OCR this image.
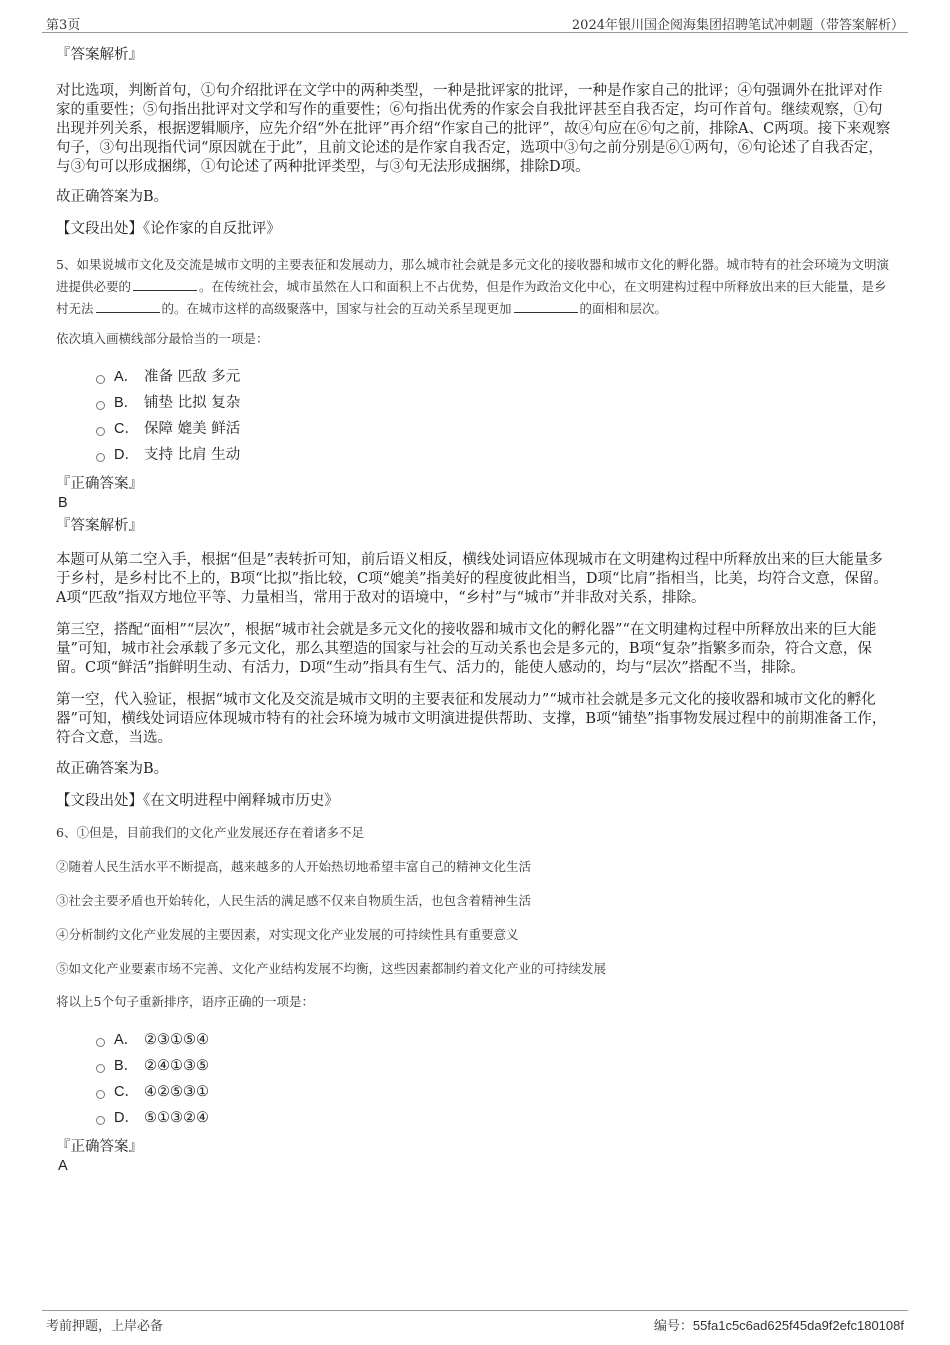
第3页	2024年银川国企阅海集团招聘笔试冲刺题（带答案解析）

『答案解析』

对比选项，判断首句，①句介绍批评在文学中的两种类型，一种是批评家的批评，一种是作家自己的批评；④句强调外在批评对作家的重要性；⑤句指出批评对文学和写作的重要性；⑥句指出优秀的作家会自我批评甚至自我否定，均可作首句。继续观察，①句出现并列关系，根据逻辑顺序，应先介绍“外在批评”再介绍“作家自己的批评”，故④句应在⑥句之前，排除A、C两项。接下来观察句子，③句出现指代词“原因就在于此”，且前文论述的是作家自我否定，选项中③句之前分别是⑥①两句，⑥句论述了自我否定，与③句可以形成捆绑，①句论述了两种批评类型，与③句无法形成捆绑，排除D项。

故正确答案为B。

【文段出处】《论作家的自反批评》

5、如果说城市文化及交流是城市文明的主要表征和发展动力，那么城市社会就是多元文化的接收器和城市文化的孵化器。城市特有的社会环境为文明演进提供必要的	。在传统社会，城市虽然在人口和面积上不占优势，但是作为政治文化中心，在文明建构过程中所释放出来的巨大能量，是乡村无法	的。在城市这样的高级聚落中，国家与社会的互动关系呈现更加	的面相和层次。

依次填入画横线部分最恰当的一项是：

A． 准备 匹敌 多元
B． 铺垫 比拟 复杂
C． 保障 媲美 鲜活
D． 支持 比肩 生动

『正确答案』

B

『答案解析』

本题可从第二空入手，根据“但是”表转折可知，前后语义相反，横线处词语应体现城市在文明建构过程中所释放出来的巨大能量多于乡村，是乡村比不上的，B项“比拟”指比较，C项“媲美”指美好的程度彼此相当，D项“比肩”指相当，比美，均符合文意，保留。A项“匹敌”指双方地位平等、力量相当，常用于敌对的语境中，“乡村”与“城市”并非敌对关系，排除。

第三空，搭配“面相”“层次”，根据“城市社会就是多元文化的接收器和城市文化的孵化器”“在文明建构过程中所释放出来的巨大能量”可知，城市社会承载了多元文化，那么其塑造的国家与社会的互动关系也会是多元的，B项“复杂”指繁多而杂，符合文意，保留。C项“鲜活”指鲜明生动、有活力，D项“生动”指具有生气、活力的，能使人感动的，均与“层次”搭配不当，排除。

第一空，代入验证，根据“城市文化及交流是城市文明的主要表征和发展动力”“城市社会就是多元文化的接收器和城市文化的孵化器”可知，横线处词语应体现城市特有的社会环境为城市文明演进提供帮助、支撑，B项“铺垫”指事物发展过程中的前期准备工作，符合文意，当选。

故正确答案为B。

【文段出处】《在文明进程中阐释城市历史》

6、①但是，目前我们的文化产业发展还存在着诸多不足

②随着人民生活水平不断提高，越来越多的人开始热切地希望丰富自己的精神文化生活

③社会主要矛盾也开始转化，人民生活的满足感不仅来自物质生活，也包含着精神生活

④分析制约文化产业发展的主要因素，对实现文化产业发展的可持续性具有重要意义

⑤如文化产业要素市场不完善、文化产业结构发展不均衡，这些因素都制约着文化产业的可持续发展

将以上5个句子重新排序，语序正确的一项是：

A． ②③①⑤④
B． ②④①③⑤
C． ④②⑤③①
D． ⑤①③②④

『正确答案』

A

考前押题，上岸必备	编号：55fa1c5c6ad625f45da9f2efc180108f
